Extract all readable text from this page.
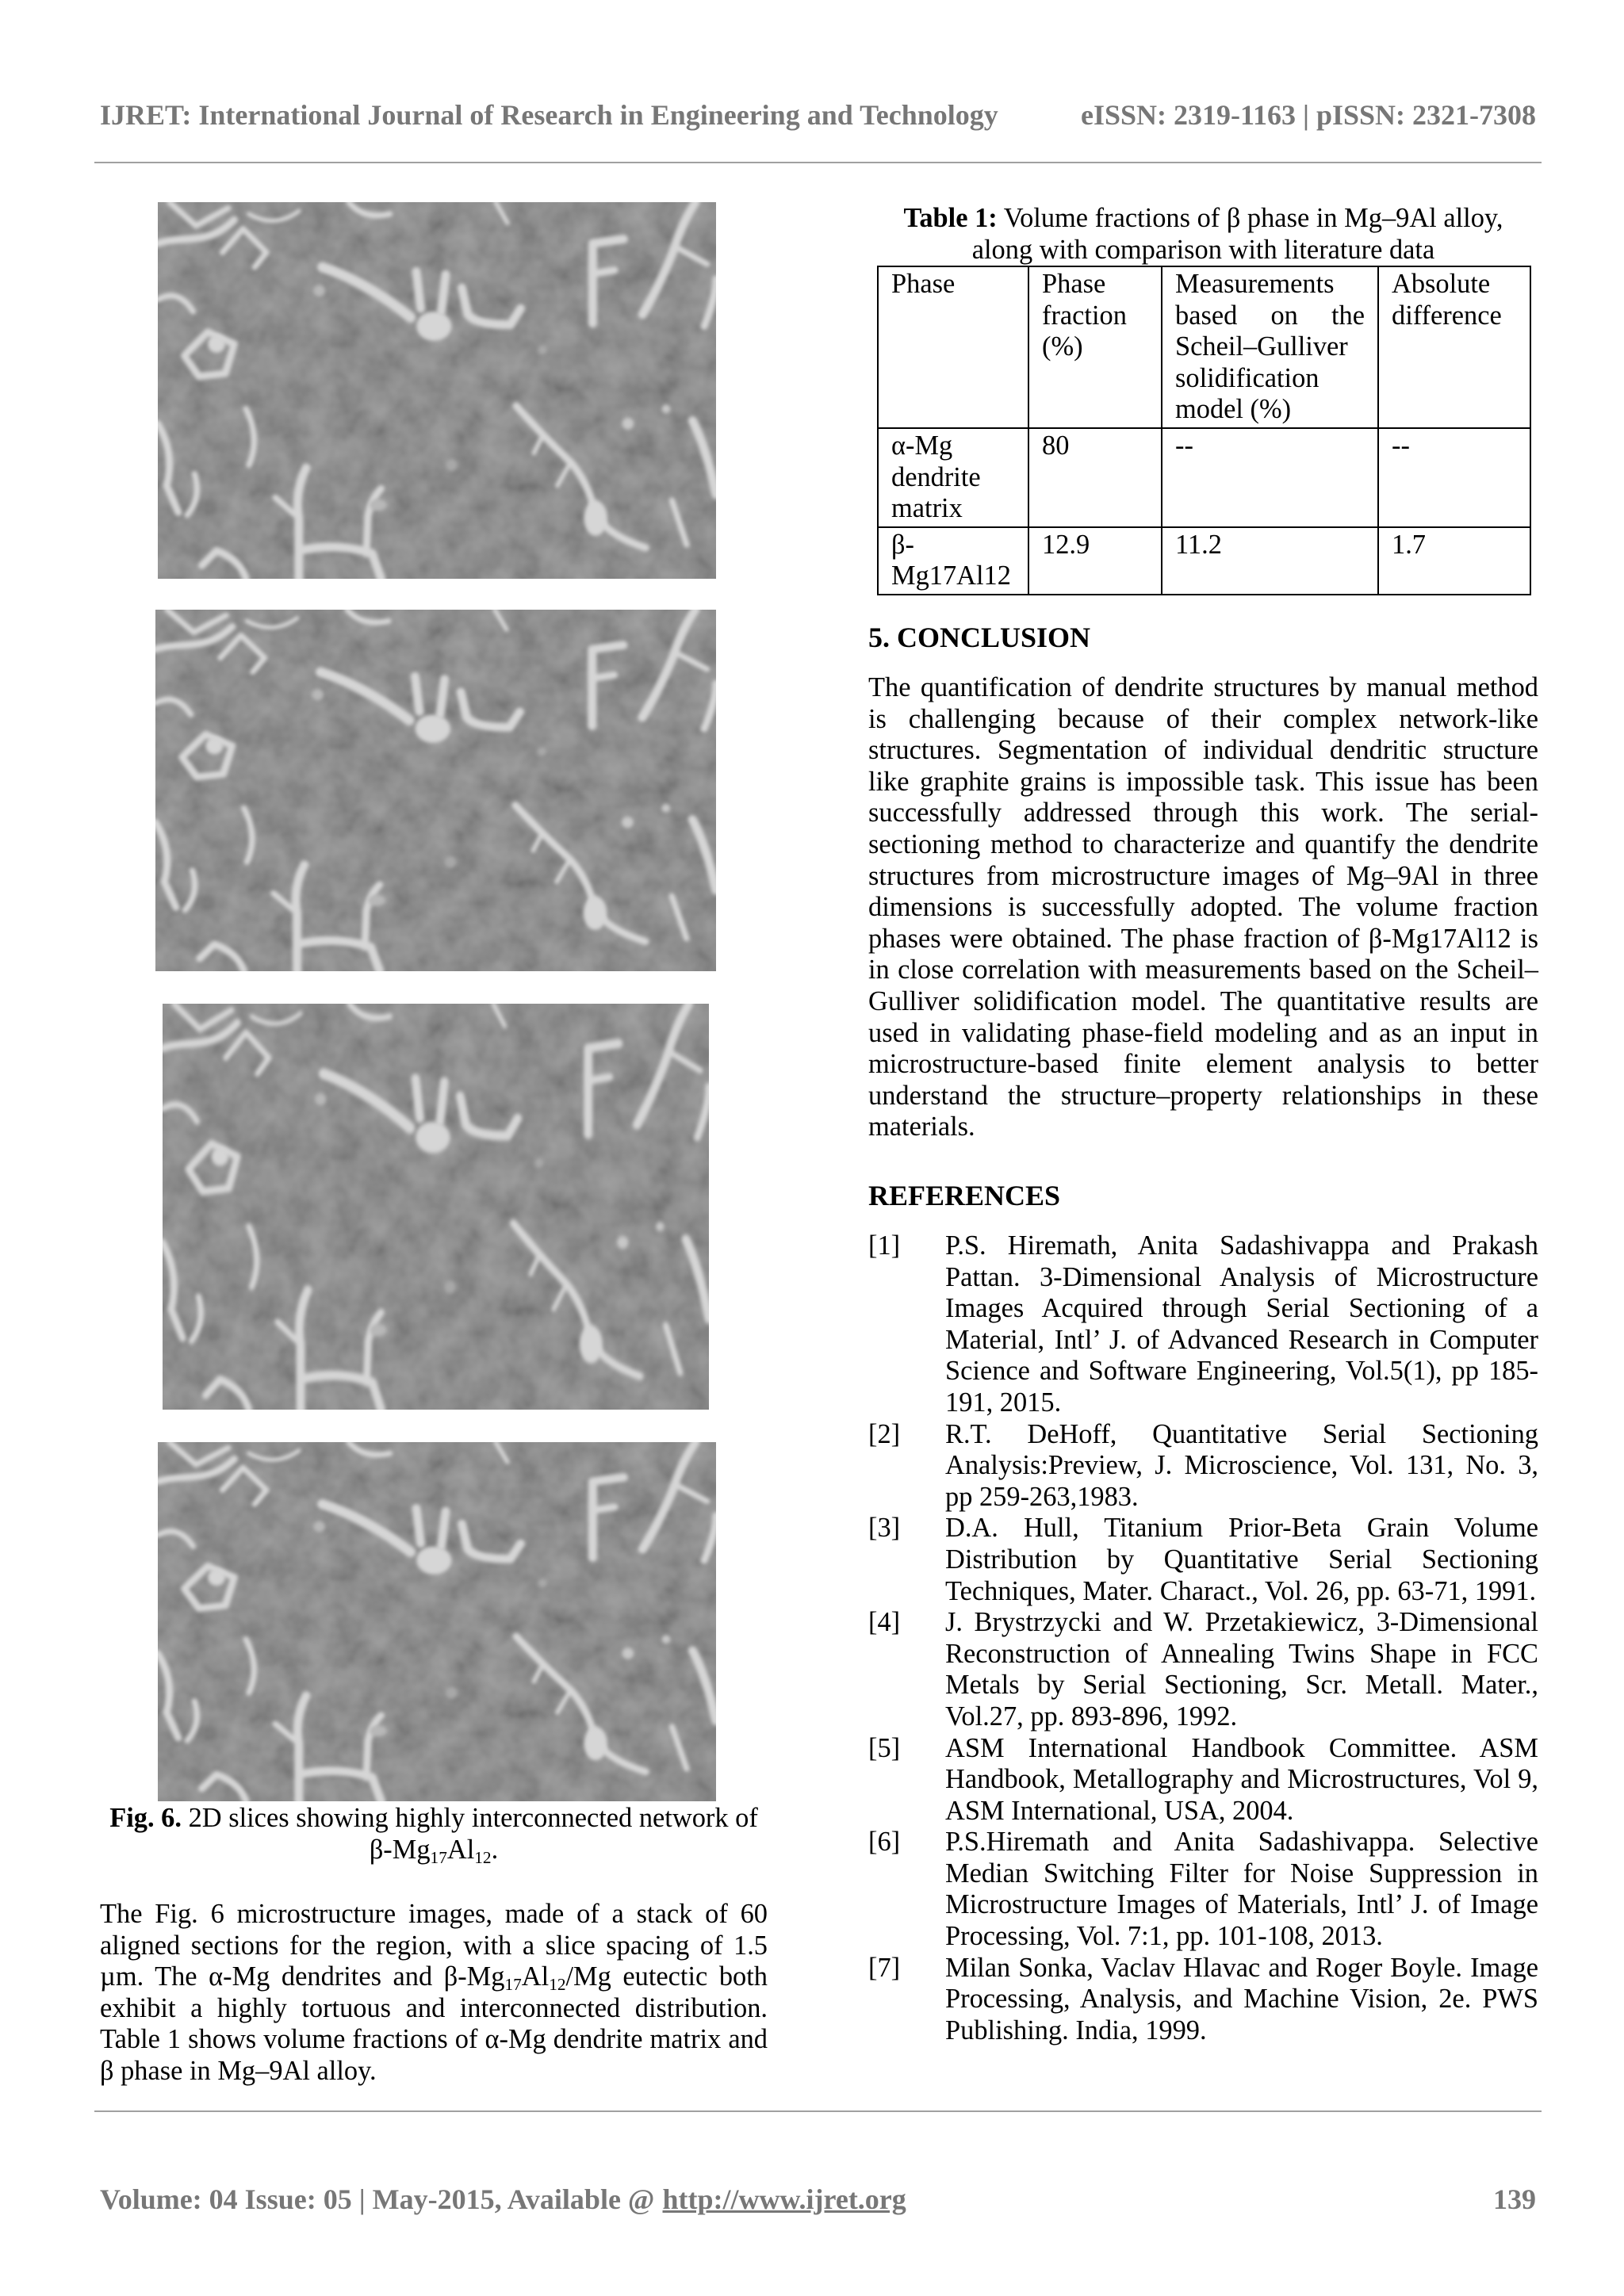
IJRET: International Journal of Research in Engineering and Technology	eISSN: 2319-1163 | pISSN: 2321-7308
Fig. 6. 2D slices showing highly interconnected network of
$\beta-Mg_{17}Al_{12}$.
The Fig. 6 microstructure images, made of a stack of 60 aligned sections for the region, with a slice spacing of 1.5 µm. The α-Mg dendrites and $\beta-Mg_{17}Al_{12}/Mg$ eutectic both exhibit a highly tortuous and interconnected distribution. Table 1 shows volume fractions of α-Mg dendrite matrix and β phase in Mg–9Al alloy.
Table 1: Volume fractions of β phase in Mg–9Al alloy,
along with comparison with literature data
Phase	Phase fraction (%)	Measurements based on the Scheil–Gulliver solidification model (%)	Absolute difference
α-Mg dendrite matrix	80	--	--
β-Mg17Al12	12.9	11.2	1.7
5. CONCLUSION
The quantification of dendrite structures by manual method is challenging because of their complex network-like structures. Segmentation of individual dendritic structure like graphite grains is impossible task. This issue has been successfully addressed through this work. The serial-sectioning method to characterize and quantify the dendrite structures from microstructure images of Mg–9Al in three dimensions is successfully adopted. The volume fraction phases were obtained. The phase fraction of β-Mg17Al12 is in close correlation with measurements based on the Scheil–Gulliver solidification model. The quantitative results are used in validating phase-field modeling and as an input in microstructure-based finite element analysis to better understand the structure–property relationships in these materials.
REFERENCES
[1] P.S. Hiremath, Anita Sadashivappa and Prakash Pattan. 3-Dimensional Analysis of Microstructure Images Acquired through Serial Sectioning of a Material, Intl’ J. of Advanced Research in Computer Science and Software Engineering, Vol.5(1), pp 185-191, 2015.
[2] R.T. DeHoff, Quantitative Serial Sectioning Analysis:Preview, J. Microscience, Vol. 131, No. 3, pp 259-263,1983.
[3] D.A. Hull, Titanium Prior-Beta Grain Volume Distribution by Quantitative Serial Sectioning Techniques, Mater. Charact., Vol. 26, pp. 63-71, 1991.
[4] J. Brystrzycki and W. Przetakiewicz, 3-Dimensional Reconstruction of Annealing Twins Shape in FCC Metals by Serial Sectioning, Scr. Metall. Mater., Vol.27, pp. 893-896, 1992.
[5] ASM International Handbook Committee. ASM Handbook, Metallography and Microstructures, Vol 9, ASM International, USA, 2004.
[6] P.S.Hiremath and Anita Sadashivappa. Selective Median Switching Filter for Noise Suppression in Microstructure Images of Materials, Intl’ J. of Image Processing, Vol. 7:1, pp. 101-108, 2013.
[7] Milan Sonka, Vaclav Hlavac and Roger Boyle. Image Processing, Analysis, and Machine Vision, 2e. PWS Publishing. India, 1999.
Volume: 04 Issue: 05 | May-2015, Available @ http://www.ijret.org	139
